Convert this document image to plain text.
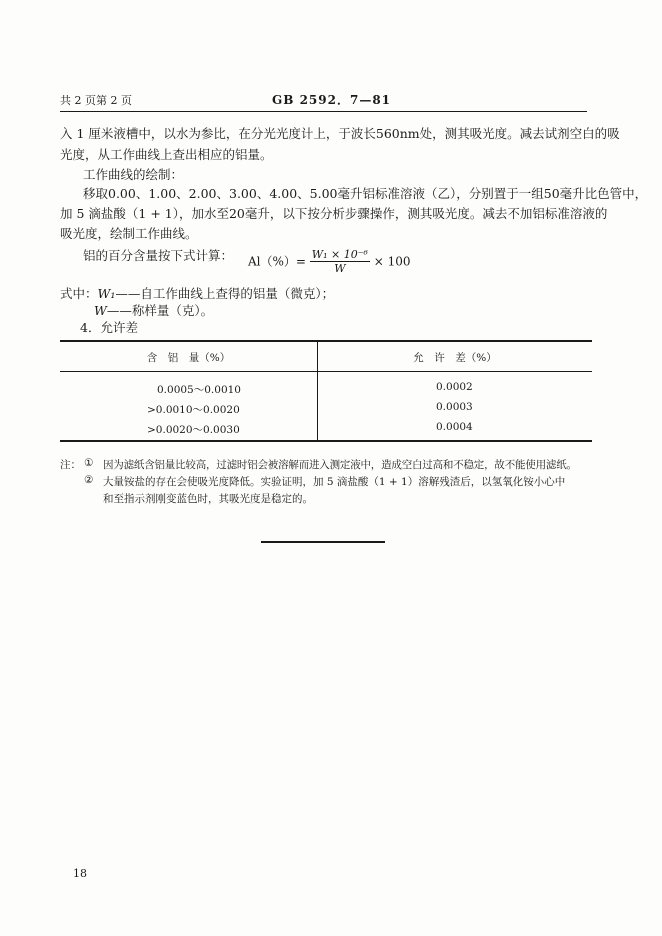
共 2 页第 2 页	GB 2592．7—81
入 1 厘米液槽中，以水为参比，在分光光度计上，于波长560nm处，测其吸光度。减去试剂空白的吸
光度，从工作曲线上查出相应的铝量。
工作曲线的绘制：
移取0.00、1.00、2.00、3.00、4.00、5.00毫升铝标准溶液（乙），分别置于一组50毫升比色管中，
加 5 滴盐酸（1 + 1），加水至20毫升，以下按分析步骤操作，测其吸光度。减去不加铝标准溶液的
吸光度，绘制工作曲线。
铝的百分含量按下式计算： $Al(\%)= \frac{\text{W₁ × 10⁻⁶}}{W} \times 100$
式中：W₁——自工作曲线上查得的铝量（微克）；
W——称样量（克）。
4．允许差
含　铝　量（%）	允　许　差（%）
0.0005～0.0010	0.0002
>0.0010～0.0020	0.0003
>0.0020～0.0030	0.0004
注： ① 因为滤纸含铝量比较高，过滤时铝会被溶解而进入测定液中，造成空白过高和不稳定，故不能使用滤纸。
② 大量铵盐的存在会使吸光度降低。实验证明，加 5 滴盐酸（1 + 1）溶解残渣后，以氢氧化铵小心中
和至指示剂刚变蓝色时，其吸光度是稳定的。
18
